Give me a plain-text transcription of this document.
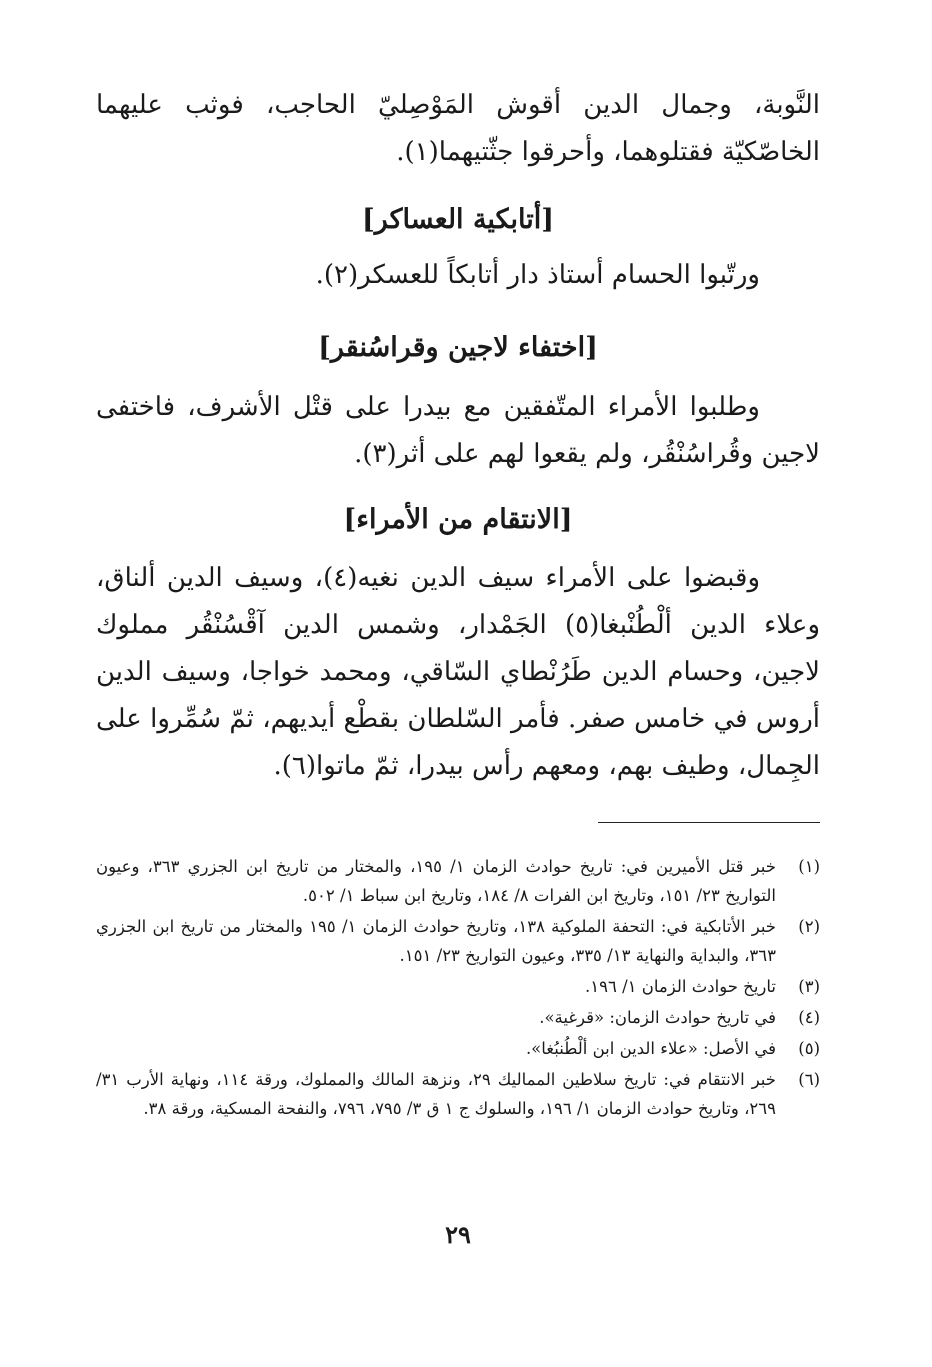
النَّوبة، وجمال الدين أقوش المَوْصِليّ الحاجب، فوثب عليهما الخاصّكيّة فقتلوهما، وأحرقوا جثّتيهما(١).
[أتابكية العساكر]
ورتّبوا الحسام أستاذ دار أتابكاً للعسكر(٢).
[اختفاء لاجين وقراسُنقر]
وطلبوا الأمراء المتّفقين مع بيدرا على قتْل الأشرف، فاختفى لاجين وقُراسُنْقُر، ولم يقعوا لهم على أثر(٣).
[الانتقام من الأمراء]
وقبضوا على الأمراء سيف الدين نغيه(٤)، وسيف الدين ألناق، وعلاء الدين ألْطُنْبغا(٥) الجَمْدار، وشمس الدين آقْسُنْقُر مملوك لاجين، وحسام الدين طَرُنْطاي السّاقي، ومحمد خواجا، وسيف الدين أروس في خامس صفر. فأمر السّلطان بقطْع أيديهم، ثمّ سُمِّروا على الجِمال، وطيف بهم، ومعهم رأس بيدرا، ثمّ ماتوا(٦).
(١)
خبر قتل الأميرين في: تاريخ حوادث الزمان ١/ ١٩٥، والمختار من تاريخ ابن الجزري ٣٦٣، وعيون التواريخ ٢٣/ ١٥١، وتاريخ ابن الفرات ٨/ ١٨٤، وتاريخ ابن سباط ١/ ٥٠٢.
(٢)
خبر الأتابكية في: التحفة الملوكية ١٣٨، وتاريخ حوادث الزمان ١/ ١٩٥ والمختار من تاريخ ابن الجزري ٣٦٣، والبداية والنهاية ١٣/ ٣٣٥، وعيون التواريخ ٢٣/ ١٥١.
(٣)
تاريخ حوادث الزمان ١/ ١٩٦.
(٤)
في تاريخ حوادث الزمان: «قرغية».
(٥)
في الأصل: «علاء الدين ابن ألْطُنبُغا».
(٦)
خبر الانتقام في: تاريخ سلاطين المماليك ٢٩، ونزهة المالك والمملوك، ورقة ١١٤، ونهاية الأرب ٣١/ ٢٦٩، وتاريخ حوادث الزمان ١/ ١٩٦، والسلوك ج ١ ق ٣/ ٧٩٥، ٧٩٦، والنفحة المسكية، ورقة ٣٨.
٢٩
